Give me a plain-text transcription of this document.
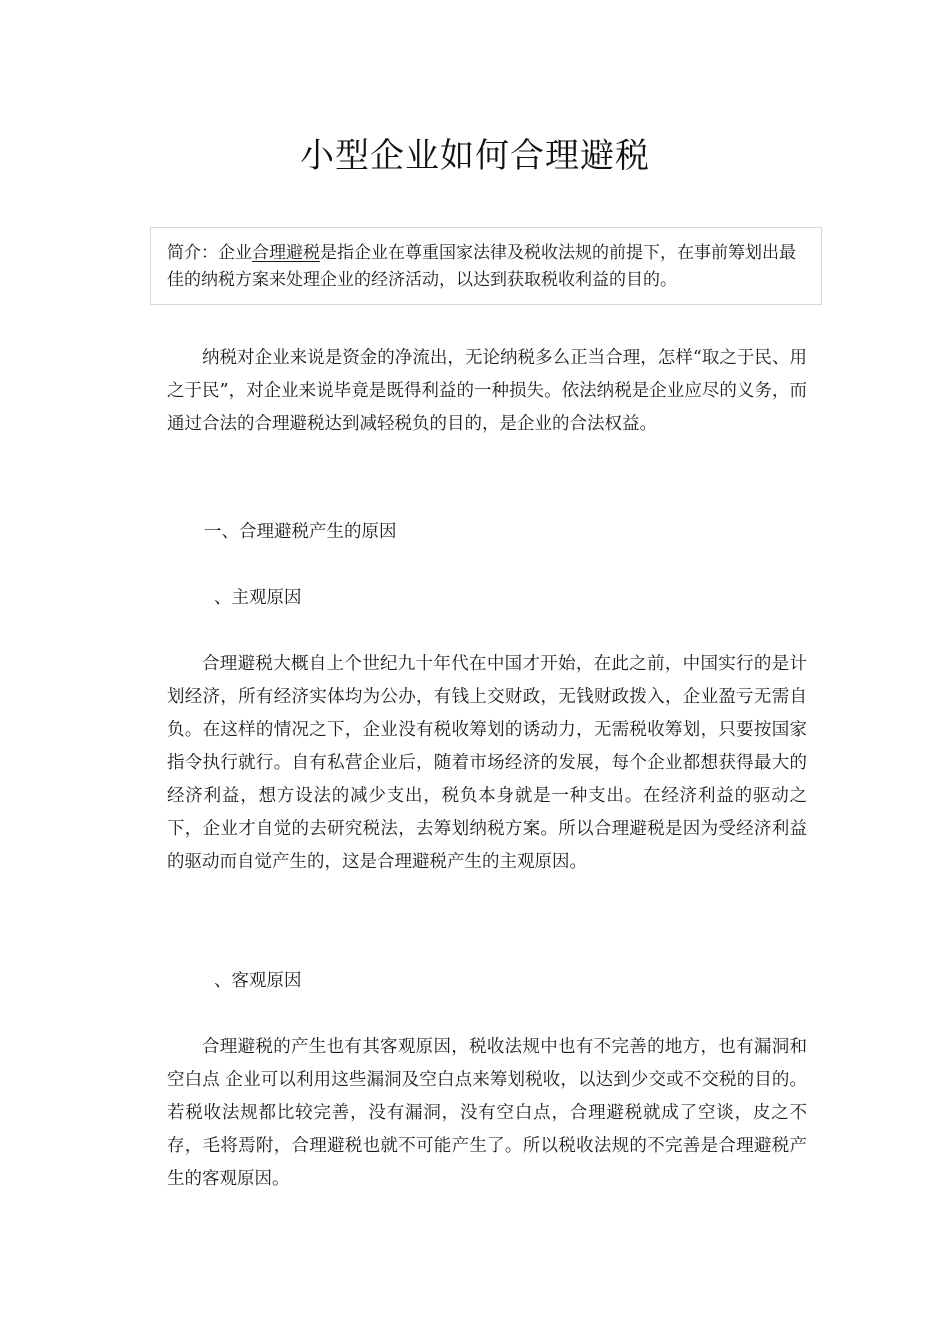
小型企业如何合理避税
简介：企业合理避税是指企业在尊重国家法律及税收法规的前提下，在事前筹划出最佳的纳税方案来处理企业的经济活动，以达到获取税收利益的目的。

纳税对企业来说是资金的净流出，无论纳税多么正当合理，怎样“取之于民、用之于民”，对企业来说毕竟是既得利益的一种损失。依法纳税是企业应尽的义务，而通过合法的合理避税达到减轻税负的目的，是企业的合法权益。

一、合理避税产生的原因
、主观原因

合理避税大概自上个世纪九十年代在中国才开始，在此之前，中国实行的是计划经济，所有经济实体均为公办，有钱上交财政，无钱财政拨入，企业盈亏无需自负。在这样的情况之下，企业没有税收筹划的诱动力，无需税收筹划，只要按国家指令执行就行。自有私营企业后，随着市场经济的发展，每个企业都想获得最大的经济利益，想方设法的减少支出，税负本身就是一种支出。在经济利益的驱动之下，企业才自觉的去研究税法，去筹划纳税方案。所以合理避税是因为受经济利益的驱动而自觉产生的，这是合理避税产生的主观原因。

、客观原因

合理避税的产生也有其客观原因，税收法规中也有不完善的地方，也有漏洞和空白点 企业可以利用这些漏洞及空白点来筹划税收，以达到少交或不交税的目的。若税收法规都比较完善，没有漏洞，没有空白点，合理避税就成了空谈，皮之不存，毛将焉附，合理避税也就不可能产生了。所以税收法规的不完善是合理避税产生的客观原因。
